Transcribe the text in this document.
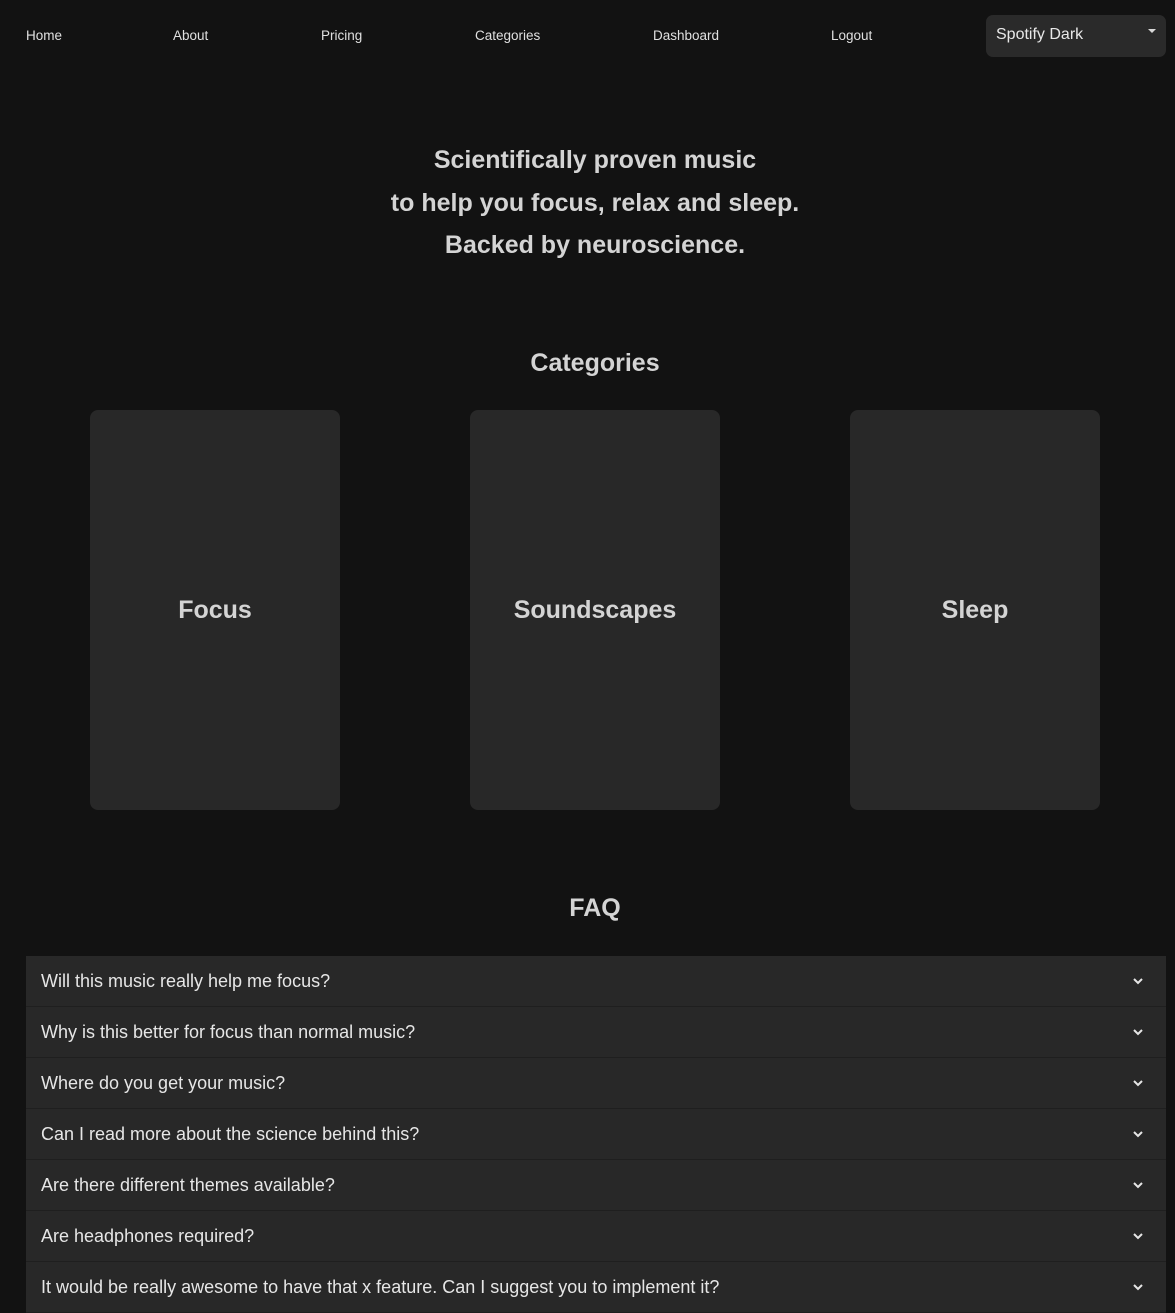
Home	About	Pricing	Categories	Dashboard	Logout	Spotify Dark
Scientifically proven music
to help you focus, relax and sleep.
Backed by neuroscience.
Categories
Focus	Soundscapes	Sleep
FAQ
Will this music really help me focus?
Why is this better for focus than normal music?
Where do you get your music?
Can I read more about the science behind this?
Are there different themes available?
Are headphones required?
It would be really awesome to have that x feature. Can I suggest you to implement it?
